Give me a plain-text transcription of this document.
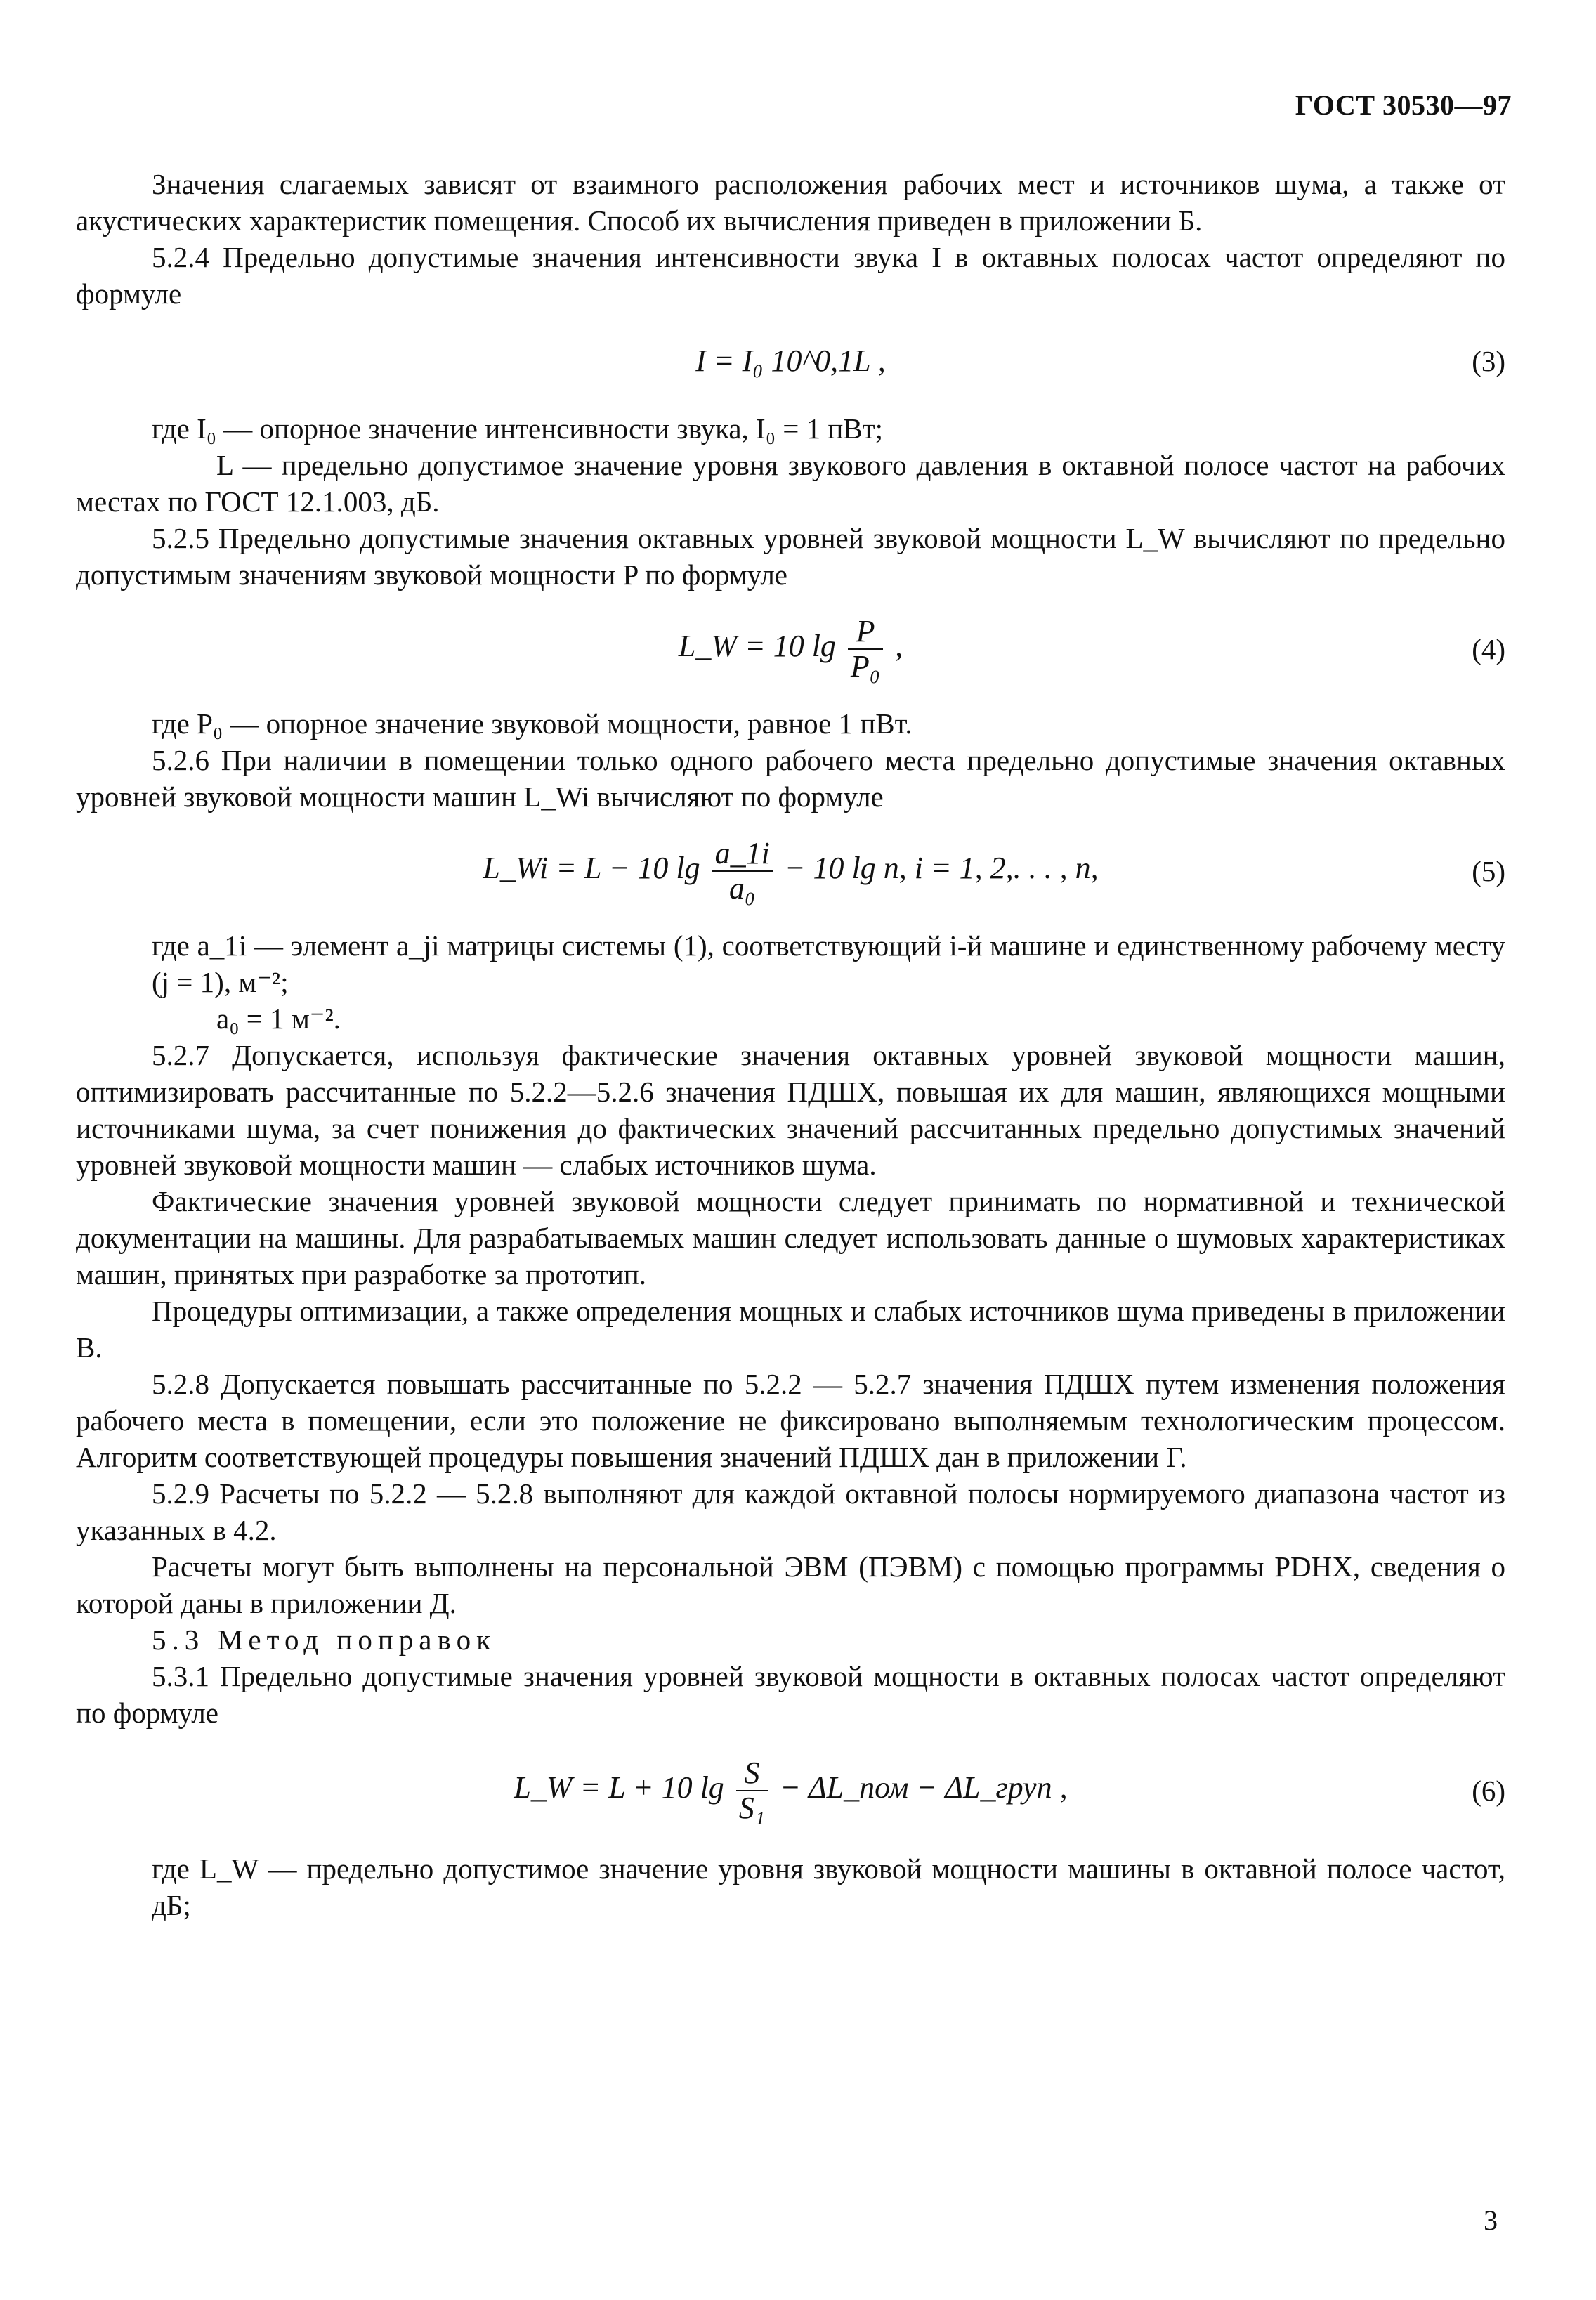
ГОСТ 30530—97

Значения слагаемых зависят от взаимного расположения рабочих мест и источников шума, а также от акустических характеристик помещения. Способ их вычисления приведен в приложении Б.

5.2.4 Предельно допустимые значения интенсивности звука I в октавных полосах частот определяют по формуле

I = I₀ 10^0,1L ,	(3)

где I₀ — опорное значение интенсивности звука, I₀ = 1 пВт;

L — предельно допустимое значение уровня звукового давления в октавной полосе частот на рабочих местах по ГОСТ 12.1.003, дБ.

5.2.5 Предельно допустимые значения октавных уровней звуковой мощности L_W вычисляют по предельно допустимым значениям звуковой мощности P по формуле

L_W = 10 $\lg \frac{P}{\text{P₀}}$ ,	(4)

где P₀ — опорное значение звуковой мощности, равное 1 пВт.

5.2.6 При наличии в помещении только одного рабочего места предельно допустимые значения октавных уровней звуковой мощности машин L_Wi вычисляют по формуле

L_Wi = L − 10 $\lg \frac{a\_1i}{\text{a₀}} - 10$ lg n, i = 1, 2,. . . , n,	(5)

где a_1i — элемент a_ji матрицы системы (1), соответствующий i-й машине и единственному рабочему месту (j = 1), м⁻²;

a₀ = 1 м⁻².

5.2.7 Допускается, используя фактические значения октавных уровней звуковой мощности машин, оптимизировать рассчитанные по 5.2.2—5.2.6 значения ПДШХ, повышая их для машин, являющихся мощными источниками шума, за счет понижения до фактических значений рассчитанных предельно допустимых значений уровней звуковой мощности машин — слабых источников шума.

Фактические значения уровней звуковой мощности следует принимать по нормативной и технической документации на машины. Для разрабатываемых машин следует использовать данные о шумовых характеристиках машин, принятых при разработке за прототип.

Процедуры оптимизации, а также определения мощных и слабых источников шума приведены в приложении В.

5.2.8 Допускается повышать рассчитанные по 5.2.2 — 5.2.7 значения ПДШХ путем изменения положения рабочего места в помещении, если это положение не фиксировано выполняемым технологическим процессом. Алгоритм соответствующей процедуры повышения значений ПДШХ дан в приложении Г.

5.2.9 Расчеты по 5.2.2 — 5.2.8 выполняют для каждой октавной полосы нормируемого диапазона частот из указанных в 4.2.

Расчеты могут быть выполнены на персональной ЭВМ (ПЭВМ) с помощью программы PDHX, сведения о которой даны в приложении Д.

5.3 Метод поправок

5.3.1 Предельно допустимые значения уровней звуковой мощности в октавных полосах частот определяют по формуле

L_W = L + 10 $\lg \frac{S}{\text{S₁}}$ − ΔL_пом − ΔL_груп ,	(6)

где L_W — предельно допустимое значение уровня звуковой мощности машины в октавной полосе частот, дБ;

3
